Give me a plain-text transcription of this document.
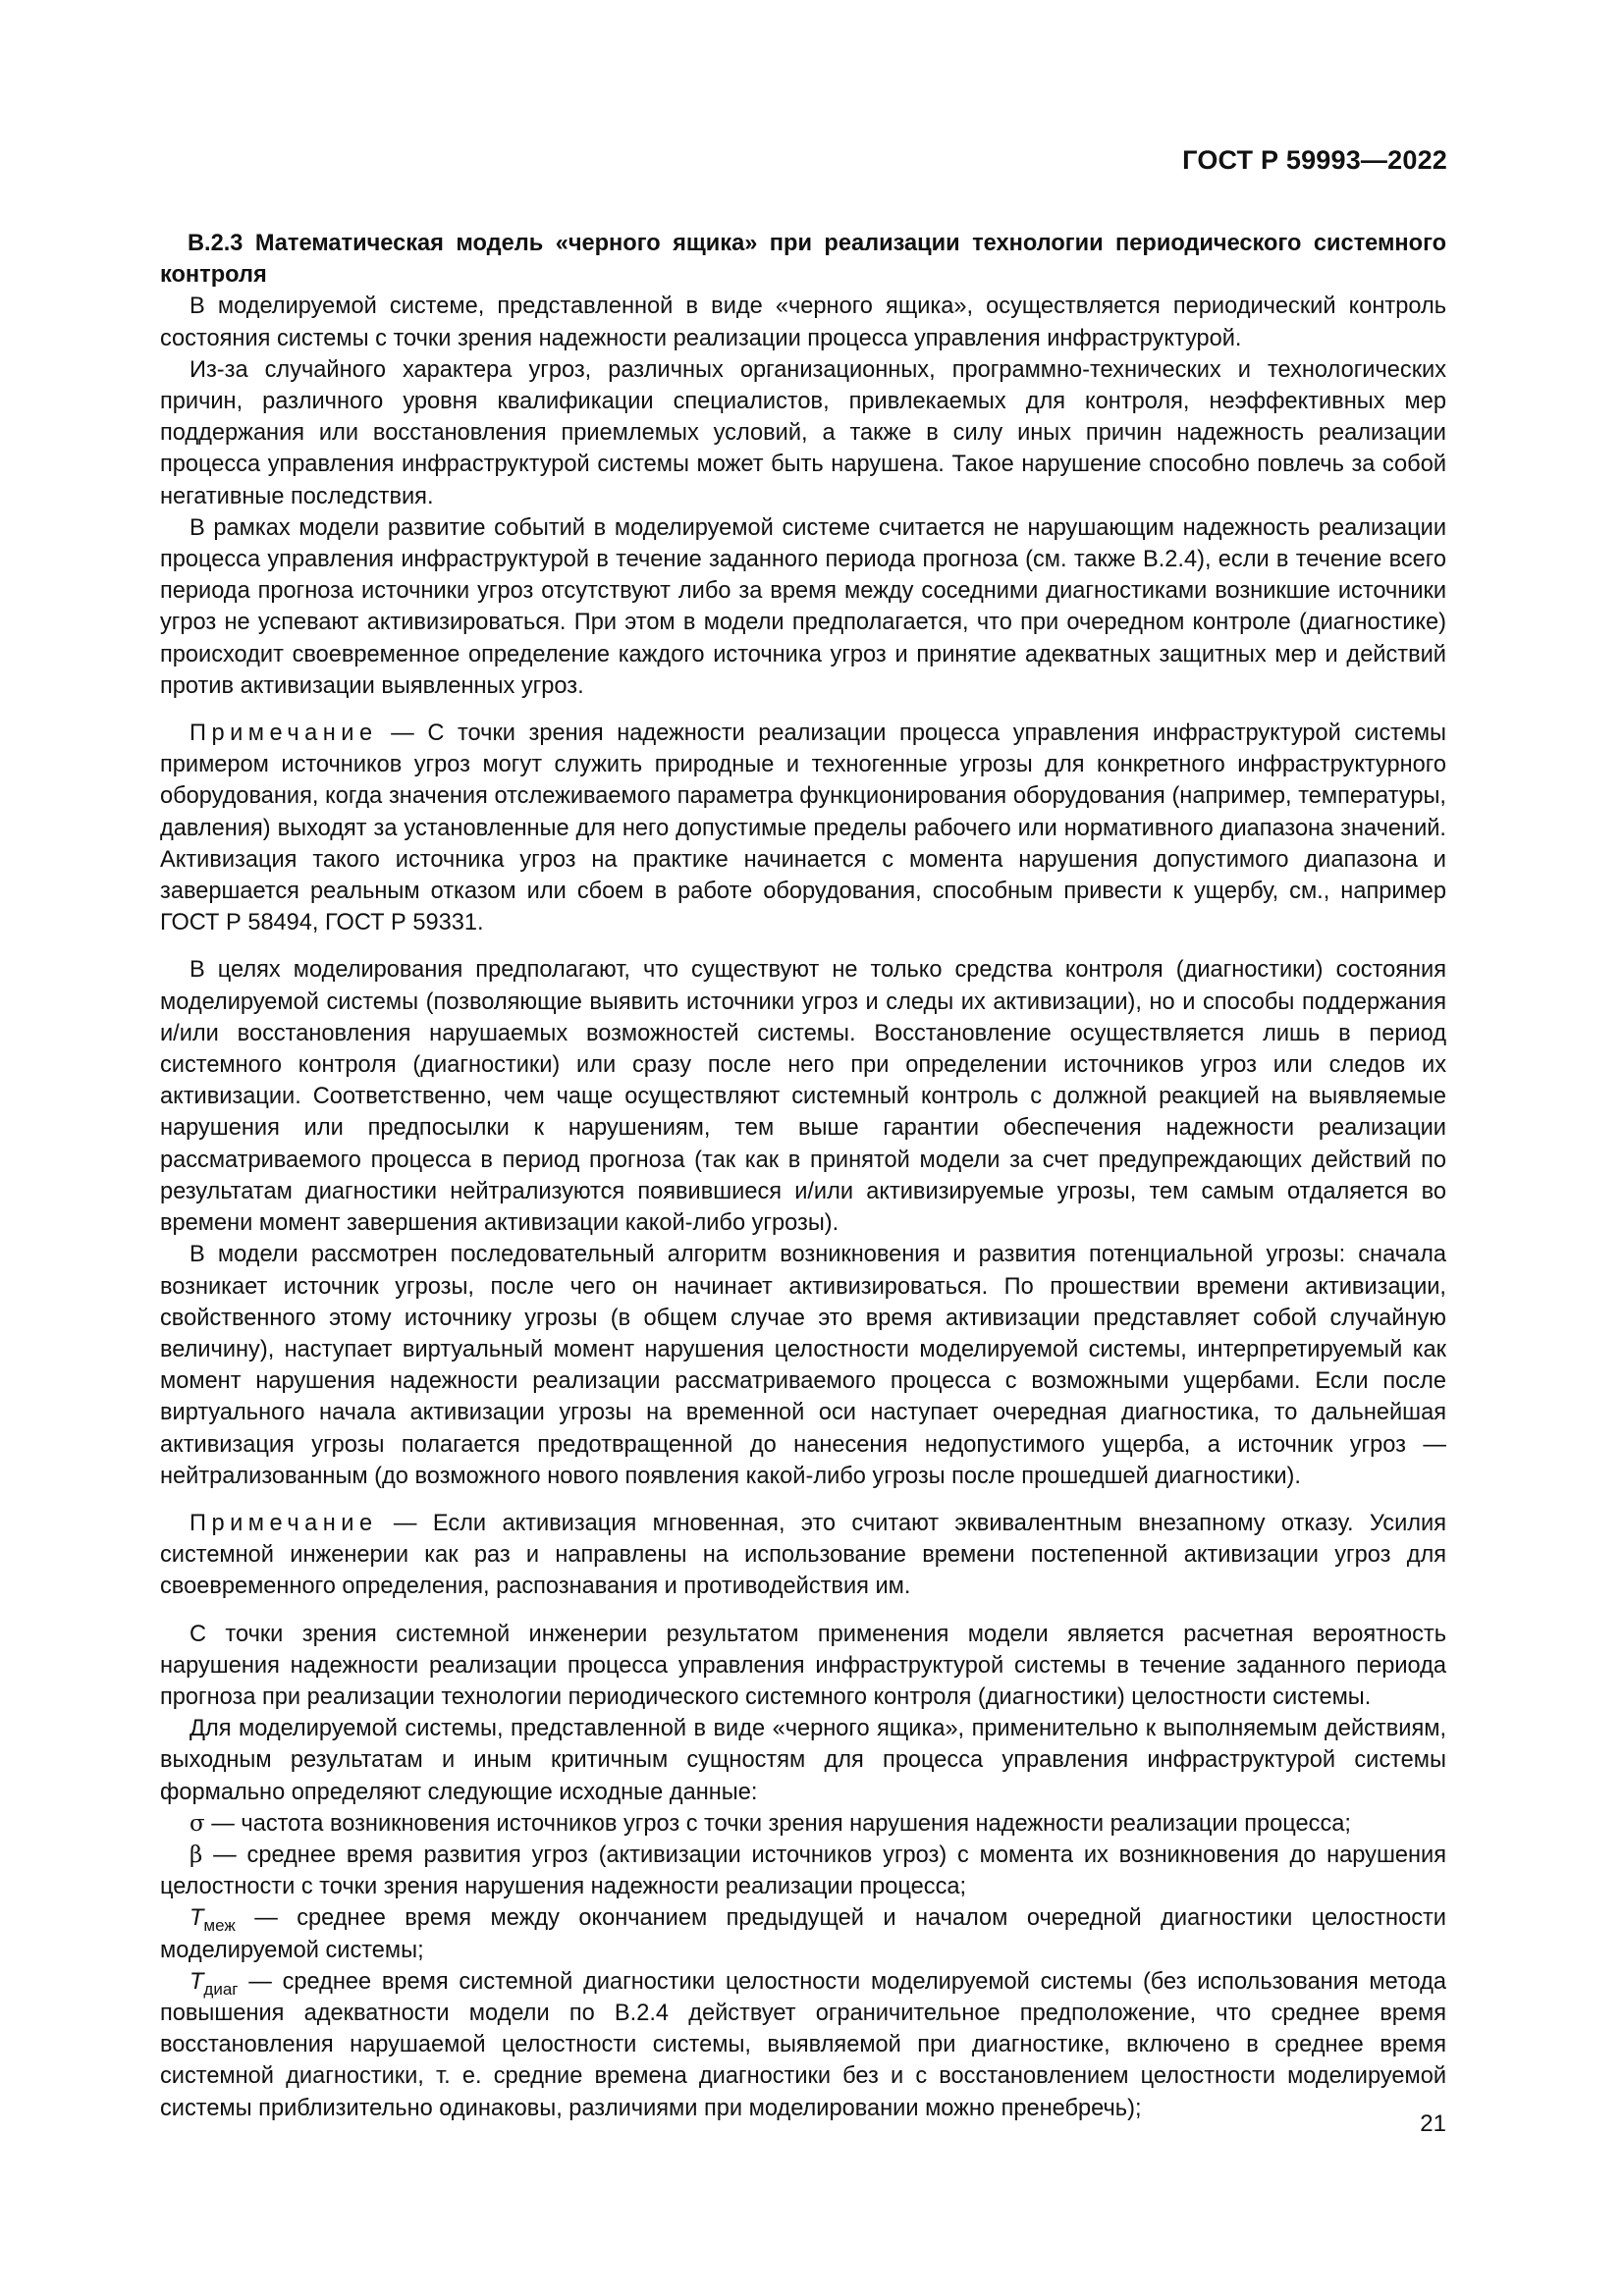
ГОСТ Р 59993—2022

В.2.3 Математическая модель «черного ящика» при реализации технологии периодического системного контроля

В моделируемой системе, представленной в виде «черного ящика», осуществляется периодический контроль состояния системы с точки зрения надежности реализации процесса управления инфраструктурой.

Из-за случайного характера угроз, различных организационных, программно-технических и технологических причин, различного уровня квалификации специалистов, привлекаемых для контроля, неэффективных мер поддержания или восстановления приемлемых условий, а также в силу иных причин надежность реализации процесса управления инфраструктурой системы может быть нарушена. Такое нарушение способно повлечь за собой негативные последствия.

В рамках модели развитие событий в моделируемой системе считается не нарушающим надежность реализации процесса управления инфраструктурой в течение заданного периода прогноза (см. также В.2.4), если в течение всего периода прогноза источники угроз отсутствуют либо за время между соседними диагностиками возникшие источники угроз не успевают активизироваться. При этом в модели предполагается, что при очередном контроле (диагностике) происходит своевременное определение каждого источника угроз и принятие адекватных защитных мер и действий против активизации выявленных угроз.

Примечание — С точки зрения надежности реализации процесса управления инфраструктурой системы примером источников угроз могут служить природные и техногенные угрозы для конкретного инфраструктурного оборудования, когда значения отслеживаемого параметра функционирования оборудования (например, температуры, давления) выходят за установленные для него допустимые пределы рабочего или нормативного диапазона значений. Активизация такого источника угроз на практике начинается с момента нарушения допустимого диапазона и завершается реальным отказом или сбоем в работе оборудования, способным привести к ущербу, см., например ГОСТ Р 58494, ГОСТ Р 59331.

В целях моделирования предполагают, что существуют не только средства контроля (диагностики) состояния моделируемой системы (позволяющие выявить источники угроз и следы их активизации), но и способы поддержания и/или восстановления нарушаемых возможностей системы. Восстановление осуществляется лишь в период системного контроля (диагностики) или сразу после него при определении источников угроз или следов их активизации. Соответственно, чем чаще осуществляют системный контроль с должной реакцией на выявляемые нарушения или предпосылки к нарушениям, тем выше гарантии обеспечения надежности реализации рассматриваемого процесса в период прогноза (так как в принятой модели за счет предупреждающих действий по результатам диагностики нейтрализуются появившиеся и/или активизируемые угрозы, тем самым отдаляется во времени момент завершения активизации какой-либо угрозы).

В модели рассмотрен последовательный алгоритм возникновения и развития потенциальной угрозы: сначала возникает источник угрозы, после чего он начинает активизироваться. По прошествии времени активизации, свойственного этому источнику угрозы (в общем случае это время активизации представляет собой случайную величину), наступает виртуальный момент нарушения целостности моделируемой системы, интерпретируемый как момент нарушения надежности реализации рассматриваемого процесса с возможными ущербами. Если после виртуального начала активизации угрозы на временной оси наступает очередная диагностика, то дальнейшая активизация угрозы полагается предотвращенной до нанесения недопустимого ущерба, а источник угроз — нейтрализованным (до возможного нового появления какой-либо угрозы после прошедшей диагностики).

Примечание — Если активизация мгновенная, это считают эквивалентным внезапному отказу. Усилия системной инженерии как раз и направлены на использование времени постепенной активизации угроз для своевременного определения, распознавания и противодействия им.

С точки зрения системной инженерии результатом применения модели является расчетная вероятность нарушения надежности реализации процесса управления инфраструктурой системы в течение заданного периода прогноза при реализации технологии периодического системного контроля (диагностики) целостности системы.

Для моделируемой системы, представленной в виде «черного ящика», применительно к выполняемым действиям, выходным результатам и иным критичным сущностям для процесса управления инфраструктурой системы формально определяют следующие исходные данные:

σ — частота возникновения источников угроз с точки зрения нарушения надежности реализации процесса;

β — среднее время развития угроз (активизации источников угроз) с момента их возникновения до нарушения целостности с точки зрения нарушения надежности реализации процесса;

$T_{меж}$ — среднее время между окончанием предыдущей и началом очередной диагностики целостности моделируемой системы;

$T_{диаг}$ — среднее время системной диагностики целостности моделируемой системы (без использования метода повышения адекватности модели по В.2.4 действует ограничительное предположение, что среднее время восстановления нарушаемой целостности системы, выявляемой при диагностике, включено в среднее время системной диагностики, т. е. средние времена диагностики без и с восстановлением целостности моделируемой системы приблизительно одинаковы, различиями при моделировании можно пренебречь);

21
